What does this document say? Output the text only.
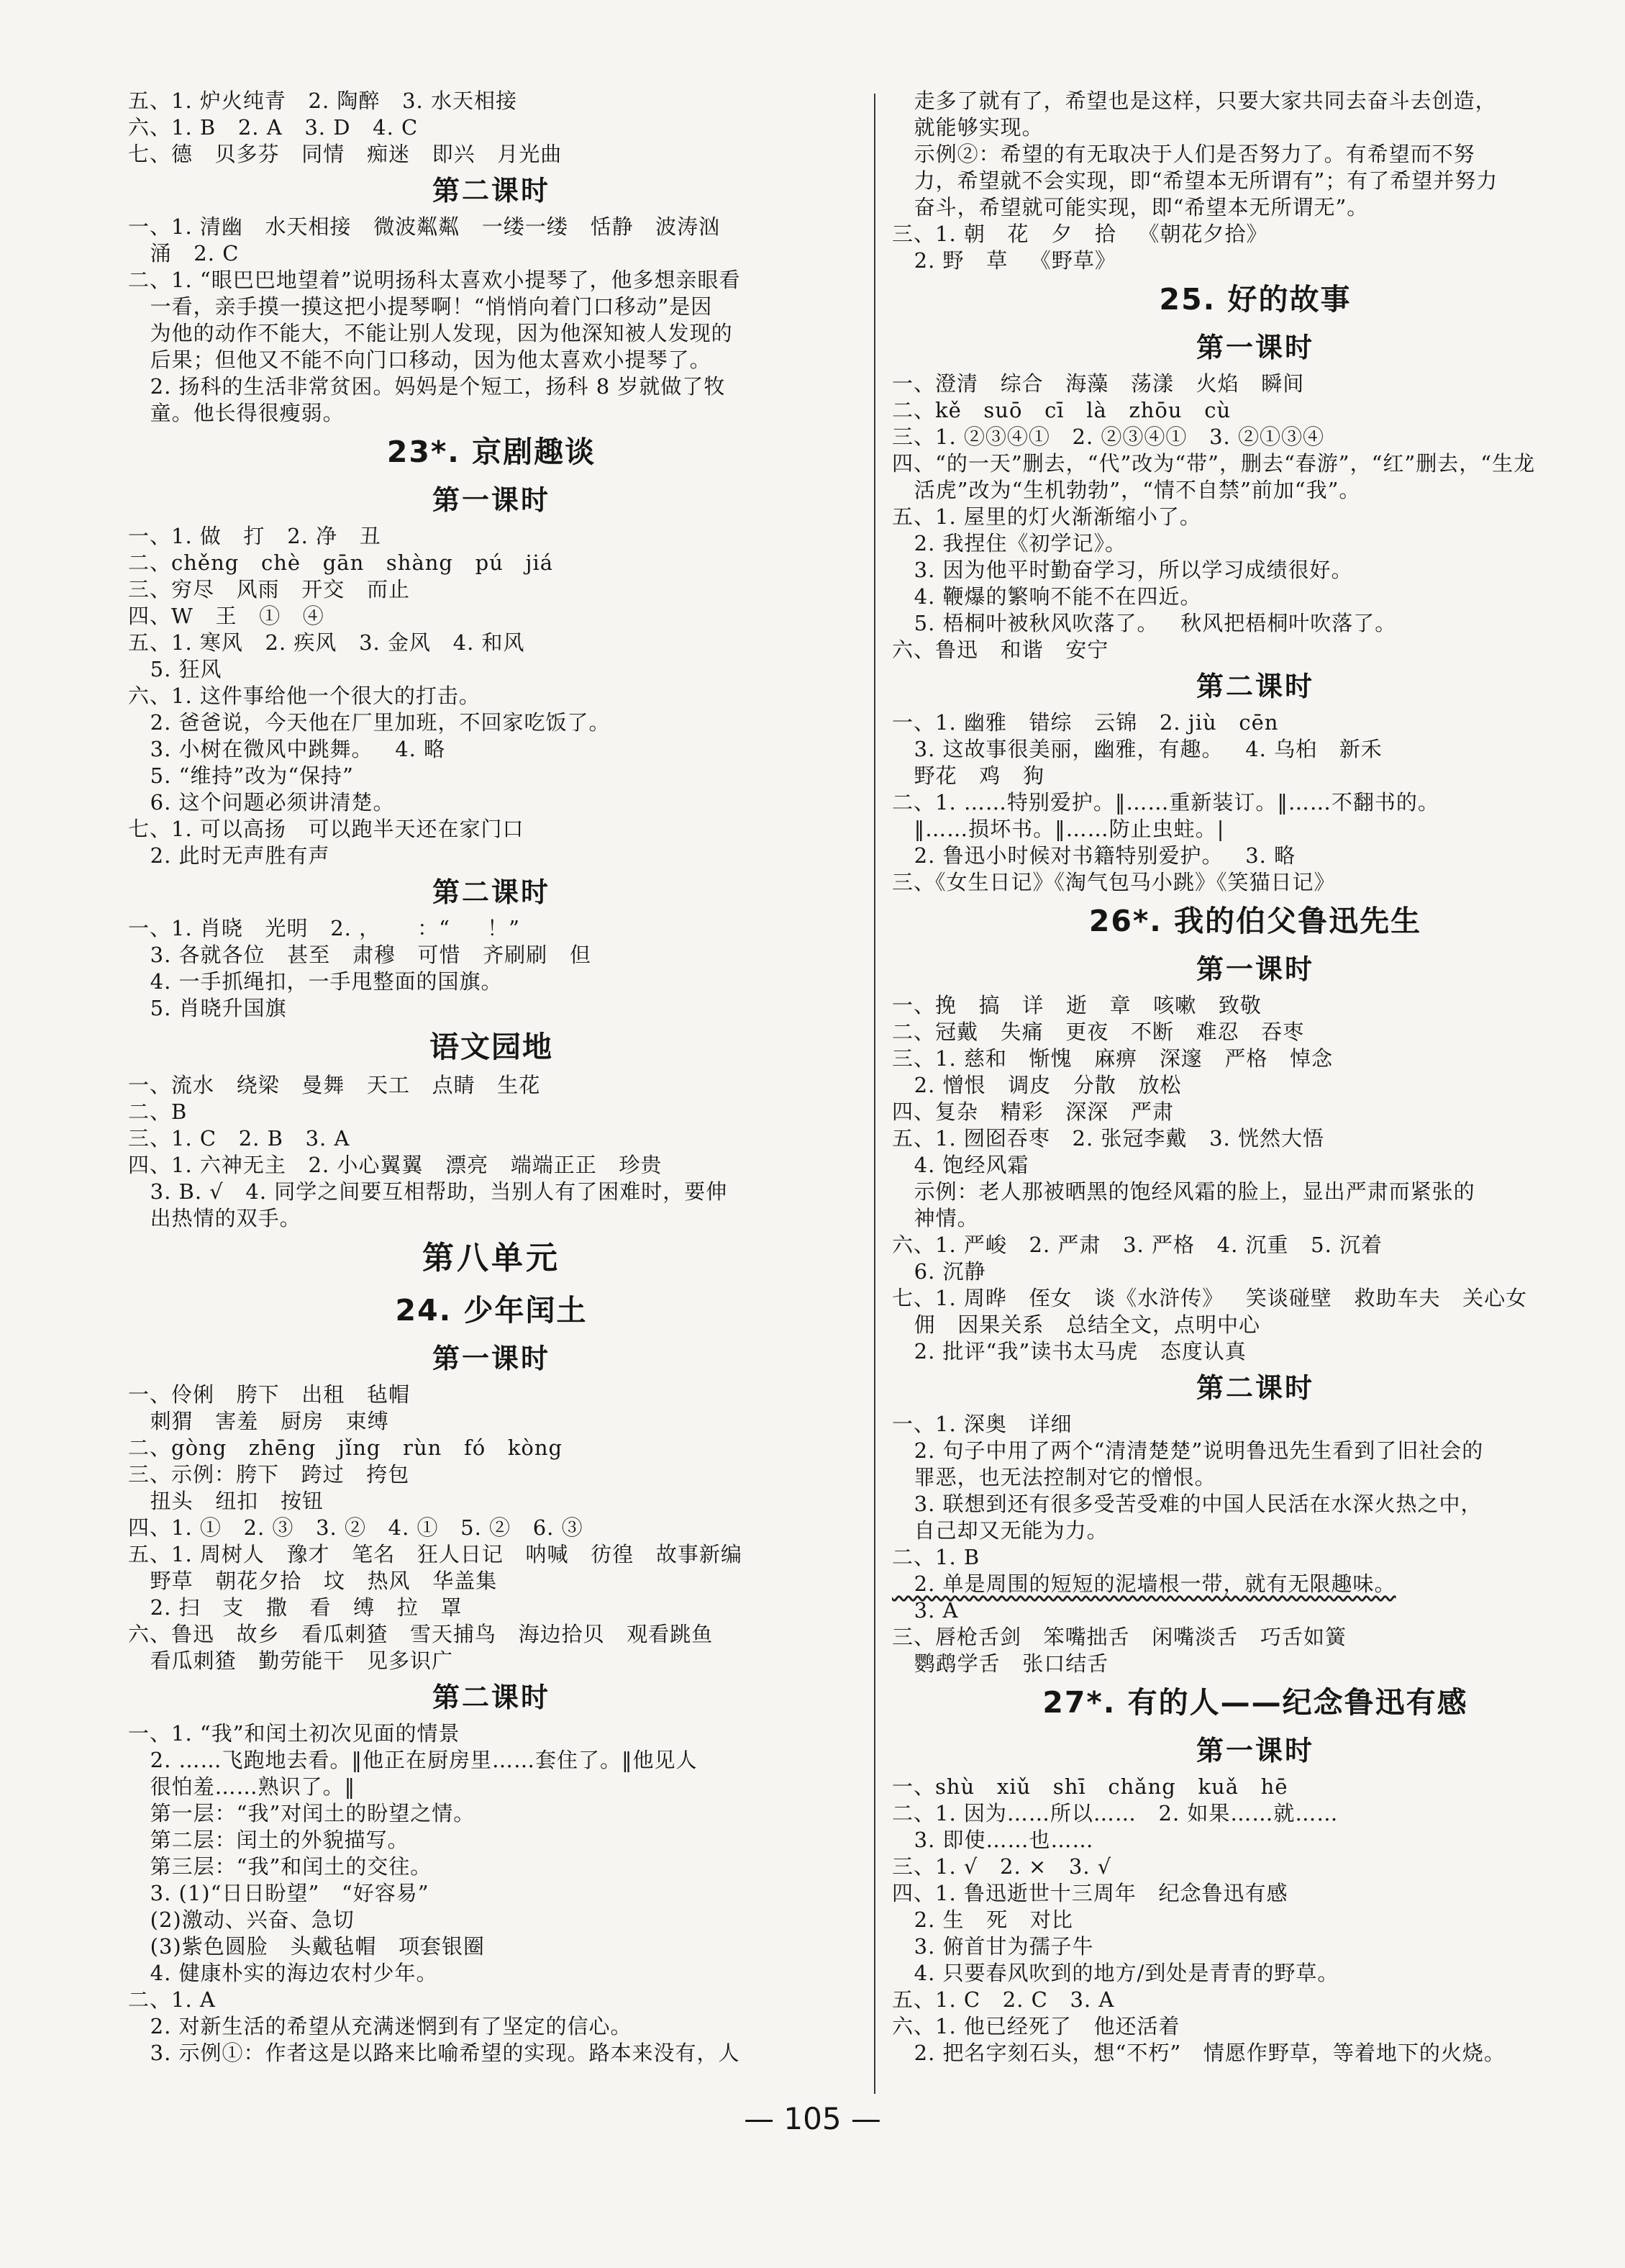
五、1. 炉火纯青   2. 陶醉   3. 水天相接
六、1. B   2. A   3. D   4. C
七、德   贝多芬   同情   痴迷   即兴   月光曲
第二课时
一、1. 清幽   水天相接   微波粼粼   一缕一缕   恬静   波涛汹
涌   2. C
二、1. “眼巴巴地望着”说明扬科太喜欢小提琴了，他多想亲眼看
一看，亲手摸一摸这把小提琴啊！“悄悄向着门口移动”是因
为他的动作不能大，不能让别人发现，因为他深知被人发现的
后果；但他又不能不向门口移动，因为他太喜欢小提琴了。
2. 扬科的生活非常贫困。妈妈是个短工，扬科 8 岁就做了牧
童。他长得很瘦弱。
23*. 京剧趣谈
第一课时
一、1. 做   打   2. 净   丑
二、chěng   chè   gān   shàng   pú   jiá
三、穷尽   风雨   开交   而止
四、W   王   ①   ④
五、1. 寒风   2. 疾风   3. 金风   4. 和风
5. 狂风
六、1. 这件事给他一个很大的打击。
2. 爸爸说，今天他在厂里加班，不回家吃饭了。
3. 小树在微风中跳舞。   4. 略
5. “维持”改为“保持”
6. 这个问题必须讲清楚。
七、1. 可以高扬   可以跑半天还在家门口
2. 此时无声胜有声
第二课时
一、1. 肖晓   光明   2. ，     ：“     ！”
3. 各就各位   甚至   肃穆   可惜   齐刷刷   但
4. 一手抓绳扣，一手甩整面的国旗。
5. 肖晓升国旗
语文园地
一、流水   绕梁   曼舞   天工   点睛   生花
二、B
三、1. C   2. B   3. A
四、1. 六神无主   2. 小心翼翼   漂亮   端端正正   珍贵
3. B. √   4. 同学之间要互相帮助，当别人有了困难时，要伸
出热情的双手。
第八单元
24. 少年闰土
第一课时
一、伶俐   胯下   出租   毡帽
刺猬   害羞   厨房   束缚
二、gòng   zhēng   jǐng   rùn   fó   kòng
三、示例：胯下   跨过   挎包
扭头   纽扣   按钮
四、1. ①   2. ③   3. ②   4. ①   5. ②   6. ③
五、1. 周树人   豫才   笔名   狂人日记   呐喊   彷徨   故事新编
野草   朝花夕拾   坟   热风   华盖集
2. 扫   支   撒   看   缚   拉   罩
六、鲁迅   故乡   看瓜刺猹   雪天捕鸟   海边拾贝   观看跳鱼
看瓜刺猹   勤劳能干   见多识广
第二课时
一、1. “我”和闰土初次见面的情景
2. ……飞跑地去看。‖他正在厨房里……套住了。‖他见人
很怕羞……熟识了。‖
第一层：“我”对闰土的盼望之情。
第二层：闰土的外貌描写。
第三层：“我”和闰土的交往。
3. (1)“日日盼望”   “好容易”
(2)激动、兴奋、急切
(3)紫色圆脸   头戴毡帽   项套银圈
4. 健康朴实的海边农村少年。
二、1. A
2. 对新生活的希望从充满迷惘到有了坚定的信心。
3. 示例①：作者这是以路来比喻希望的实现。路本来没有，人
走多了就有了，希望也是这样，只要大家共同去奋斗去创造，
就能够实现。
示例②：希望的有无取决于人们是否努力了。有希望而不努
力，希望就不会实现，即“希望本无所谓有”；有了希望并努力
奋斗，希望就可能实现，即“希望本无所谓无”。
三、1. 朝   花   夕   拾   《朝花夕拾》
2. 野   草   《野草》
25. 好的故事
第一课时
一、澄清   综合   海藻   荡漾   火焰   瞬间
二、kě   suō   cī   là   zhōu   cù
三、1. ②③④①   2. ②③④①   3. ②①③④
四、“的一天”删去，“代”改为“带”，删去“春游”，“红”删去，“生龙
活虎”改为“生机勃勃”，“情不自禁”前加“我”。
五、1. 屋里的灯火渐渐缩小了。
2. 我捏住《初学记》。
3. 因为他平时勤奋学习，所以学习成绩很好。
4. 鞭爆的繁响不能不在四近。
5. 梧桐叶被秋风吹落了。   秋风把梧桐叶吹落了。
六、鲁迅   和谐   安宁
第二课时
一、1. 幽雅   错综   云锦   2. jiù   cēn
3. 这故事很美丽，幽雅，有趣。   4. 乌桕   新禾
野花   鸡   狗
二、1. ……特别爱护。‖……重新装订。‖……不翻书的。
‖……损坏书。‖……防止虫蛀。|
2. 鲁迅小时候对书籍特别爱护。   3. 略
三、《女生日记》《淘气包马小跳》《笑猫日记》
26*. 我的伯父鲁迅先生
第一课时
一、挽   搞   详   逝   章   咳嗽   致敬
二、冠戴   失痛   更夜   不断   难忍   吞枣
三、1. 慈和   惭愧   麻痹   深邃   严格   悼念
2. 憎恨   调皮   分散   放松
四、复杂   精彩   深深   严肃
五、1. 囫囵吞枣   2. 张冠李戴   3. 恍然大悟
4. 饱经风霜
示例：老人那被晒黑的饱经风霜的脸上，显出严肃而紧张的
神情。
六、1. 严峻   2. 严肃   3. 严格   4. 沉重   5. 沉着
6. 沉静
七、1. 周晔   侄女   谈《水浒传》   笑谈碰壁   救助车夫   关心女
佣   因果关系   总结全文，点明中心
2. 批评“我”读书太马虎   态度认真
第二课时
一、1. 深奥   详细
2. 句子中用了两个“清清楚楚”说明鲁迅先生看到了旧社会的
罪恶，也无法控制对它的憎恨。
3. 联想到还有很多受苦受难的中国人民活在水深火热之中，
自己却又无能为力。
二、1. B
2. 单是周围的短短的泥墙根一带，就有无限趣味。
3. A
三、唇枪舌剑   笨嘴拙舌   闲嘴淡舌   巧舌如簧
鹦鹉学舌   张口结舌
27*. 有的人——纪念鲁迅有感
第一课时
一、shù   xiǔ   shī   chǎng   kuǎ   hē
二、1. 因为……所以……   2. 如果……就……
3. 即使……也……
三、1. √   2. ×   3. √
四、1. 鲁迅逝世十三周年   纪念鲁迅有感
2. 生   死   对比
3. 俯首甘为孺子牛
4. 只要春风吹到的地方/到处是青青的野草。
五、1. C   2. C   3. A
六、1. 他已经死了   他还活着
2. 把名字刻石头，想“不朽”   情愿作野草，等着地下的火烧。
— 105 —
